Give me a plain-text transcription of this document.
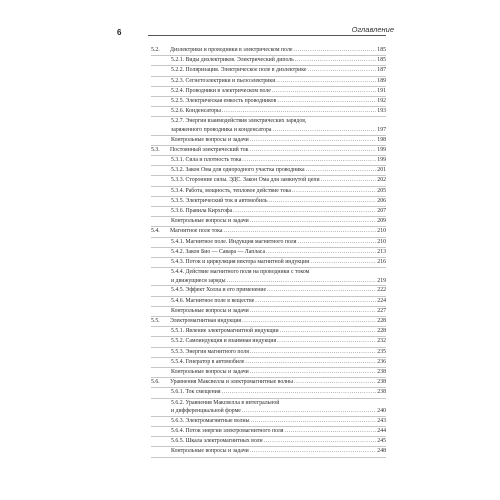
6	Оглавление
5.2.	Диэлектрики и проводники в электрическом поле . . .	185
5.2.1. Виды диэлектриков. Электрический диполь . . .	185
5.2.2. Поляризация. Электрическое поле в диэлектрике . . .	187
5.2.3. Сегнетоэлектрики и пьезоэлектрики . . .	189
5.2.4. Проводники в электрическом поле . . .	191
5.2.5. Электрическая емкость проводников . . .	192
5.2.6. Конденсаторы . . .	193
5.2.7. Энергия взаимодействия электрических зарядов,
заряженного проводника и конденсатора . . .	197
Контрольные вопросы и задачи . . .	198
5.3.	Постоянный электрический ток . . .	199
5.3.1. Сила и плотность тока . . .	199
5.3.2. Закон Ома для однородного участка проводника . . .	201
5.3.3. Сторонние силы. ЭДС. Закон Ома для замкнутой цепи . . .	202
5.3.4. Работа, мощность, тепловое действие тока . . .	205
5.3.5. Электрический ток и автомобиль . . .	206
5.3.6. Правила Кирхгофа . . .	207
Контрольные вопросы и задачи . . .	209
5.4.	Магнитное поле тока . . .	210
5.4.1. Магнитное поле. Индукция магнитного поля . . .	210
5.4.2. Закон Био — Савара — Лапласа . . .	213
5.4.3. Поток и циркуляция вектора магнитной индукции . . .	216
5.4.4. Действие магнитного поля на проводники с током
и движущиеся заряды . . .	219
5.4.5. Эффект Холла и его применение . . .	222
5.4.6. Магнитное поле в веществе . . .	224
Контрольные вопросы и задачи . . .	227
5.5.	Электромагнитная индукция . . .	228
5.5.1. Явление электромагнитной индукции . . .	228
5.5.2. Самоиндукция и взаимная индукция . . .	232
5.5.3. Энергия магнитного поля . . .	235
5.5.4. Генератор в автомобиле . . .	236
Контрольные вопросы и задачи . . .	238
5.6.	Уравнения Максвелла и электромагнитные волны . . .	238
5.6.1. Ток смещения . . .	238
5.6.2. Уравнения Максвелла в интегральной
и дифференциальной форме . . .	240
5.6.3. Электромагнитные волны . . .	243
5.6.4. Поток энергии электромагнитного поля . . .	244
5.6.5. Шкала электромагнитных волн . . .	245
Контрольные вопросы и задачи . . .	248
